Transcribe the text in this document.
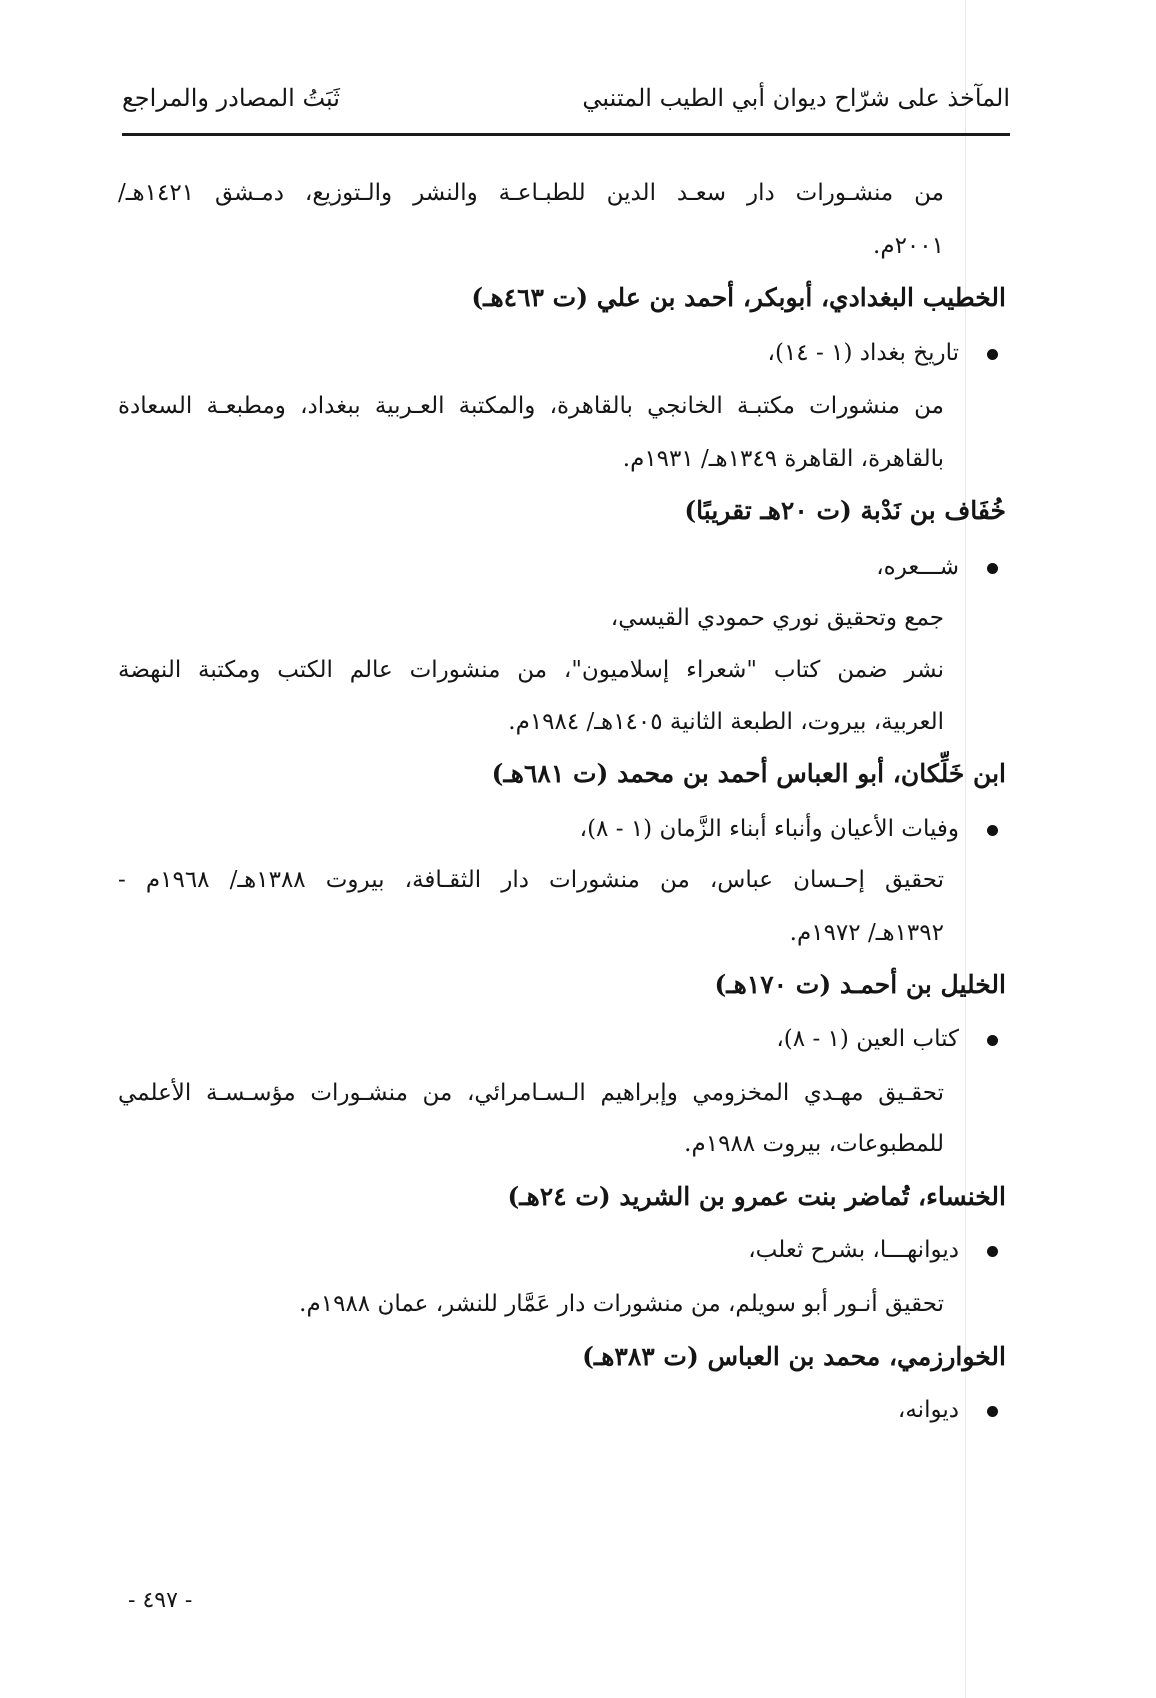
المآخذ على شرّاح ديوان أبي الطيب المتنبي
ثَبَتُ المصادر والمراجع
من منشـورات دار سعـد الدين للطبـاعـة والنشر والـتوزيع، دمـشق ١٤٢١هـ/
٢٠٠١م.
الخطيب البغدادي، أبوبكر، أحمد بن علي (ت ٤٦٣هـ)
تاريخ بغداد (١ - ١٤)،
من منشورات مكتبـة الخانجي بالقاهرة، والمكتبة العـربية ببغداد، ومطبعـة السعادة
بالقاهرة، القاهرة ١٣٤٩هـ/ ١٩٣١م.
خُفَاف بن نَدْبة (ت ٢٠هـ تقريبًا)
شـــعره،
جمع وتحقيق نوري حمودي القيسي،
نشر ضمن كتاب "شعراء إسلاميون"، من منشورات عالم الكتب ومكتبة النهضة
العربية، بيروت، الطبعة الثانية ١٤٠٥هـ/ ١٩٨٤م.
ابن خَلِّكان، أبو العباس أحمد بن محمد (ت ٦٨١هـ)
وفيات الأعيان وأنباء أبناء الزَّمان (١ - ٨)،
تحقيق إحـسان عباس، من منشورات دار الثقـافة، بيروت ١٣٨٨هـ/ ١٩٦٨م -
١٣٩٢هـ/ ١٩٧٢م.
الخليل بن أحمـد (ت ١٧٠هـ)
كتاب العين (١ - ٨)،
تحقـيق مهـدي المخزومي وإبراهيم الـسـامرائي، من منشـورات مؤسـسـة الأعلمي
للمطبوعات، بيروت ١٩٨٨م.
الخنساء، تُماضر بنت عمرو بن الشريد (ت ٢٤هـ)
ديوانهـــا، بشرح ثعلب،
تحقيق أنـور أبو سويلم، من منشورات دار عَمَّار للنشر، عمان ١٩٨٨م.
الخوارزمي، محمد بن العباس (ت ٣٨٣هـ)
ديوانه،
- ٤٩٧ -
